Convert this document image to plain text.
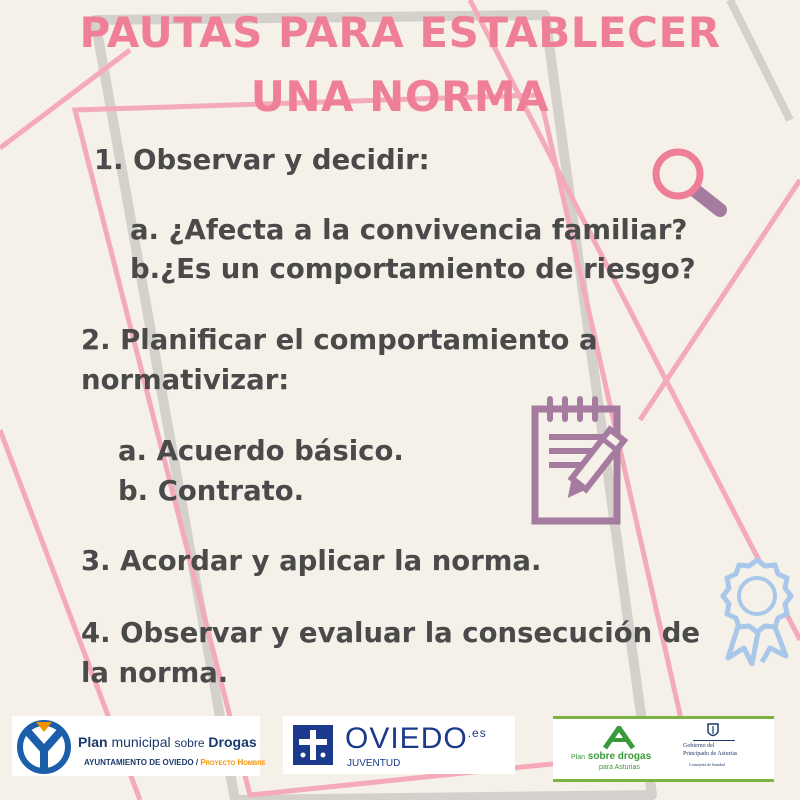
PAUTAS PARA ESTABLECER
UNA NORMA

1. Observar y decidir:

a. ¿Afecta a la convivencia familiar?

b.¿Es un comportamiento de riesgo?

2. Planificar el comportamiento a

normativizar:

a. Acuerdo básico.

b. Contrato.

3. Acordar y aplicar la norma.

4. Observar y evaluar la consecución de

la norma.

Plan municipal sobre Drogas
AYUNTAMIENTO DE OVIEDO / Proyecto Hombre
$OVIEDO^{.es}$
JUVENTUD
Plan sobre drogas
para Asturias
Gobierno del
Principado de Asturias
Consejería de Sanidad
